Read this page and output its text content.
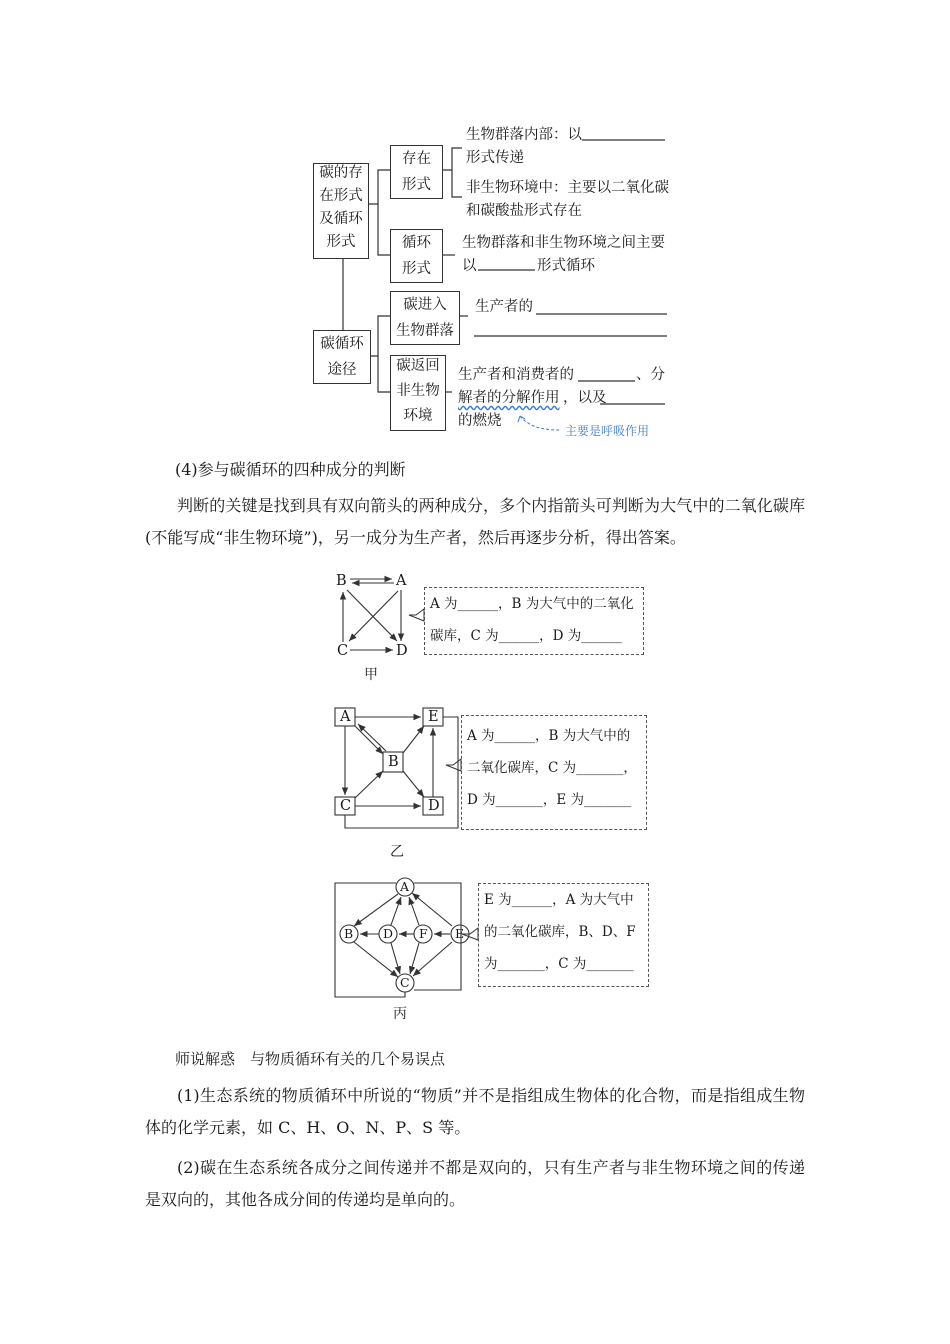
碳的存
在形式
及循环
形式
存在
形式
生物群落内部：以
形式传递
非生物环境中：主要以二氧化碳
和碳酸盐形式存在
循环
形式
生物群落和非生物环境之间主要
以	形式循环
碳循环
途径
碳进入
生物群落
生产者的
碳返回
非生物
环境
生产者和消费者的	、分
解者的分解作用 ，以及
的燃烧
主要是呼吸作用
(4)参与碳循环的四种成分的判断
判断的关键是找到具有双向箭头的两种成分，多个内指箭头可判断为大气中的二氧化碳库(不能写成“非生物环境”)，另一成分为生产者，然后再逐步分析，得出答案。
B	A
C	D
A 为______，B 为大气中的二氧化
碳库，C 为______，D 为______
甲
A	E
B
C	D
A 为______，B 为大气中的
二氧化碳库，C 为_______，
D 为_______，E 为_______
乙
A
B D F E
C
E 为______，A 为大气中
的二氧化碳库，B、D、F
为_______，C 为_______
丙
师说解惑　与物质循环有关的几个易误点
(1)生态系统的物质循环中所说的“物质”并不是指组成生物体的化合物，而是指组成生物体的化学元素，如 C、H、O、N、P、S 等。
(2)碳在生态系统各成分之间传递并不都是双向的，只有生产者与非生物环境之间的传递是双向的，其他各成分间的传递均是单向的。
